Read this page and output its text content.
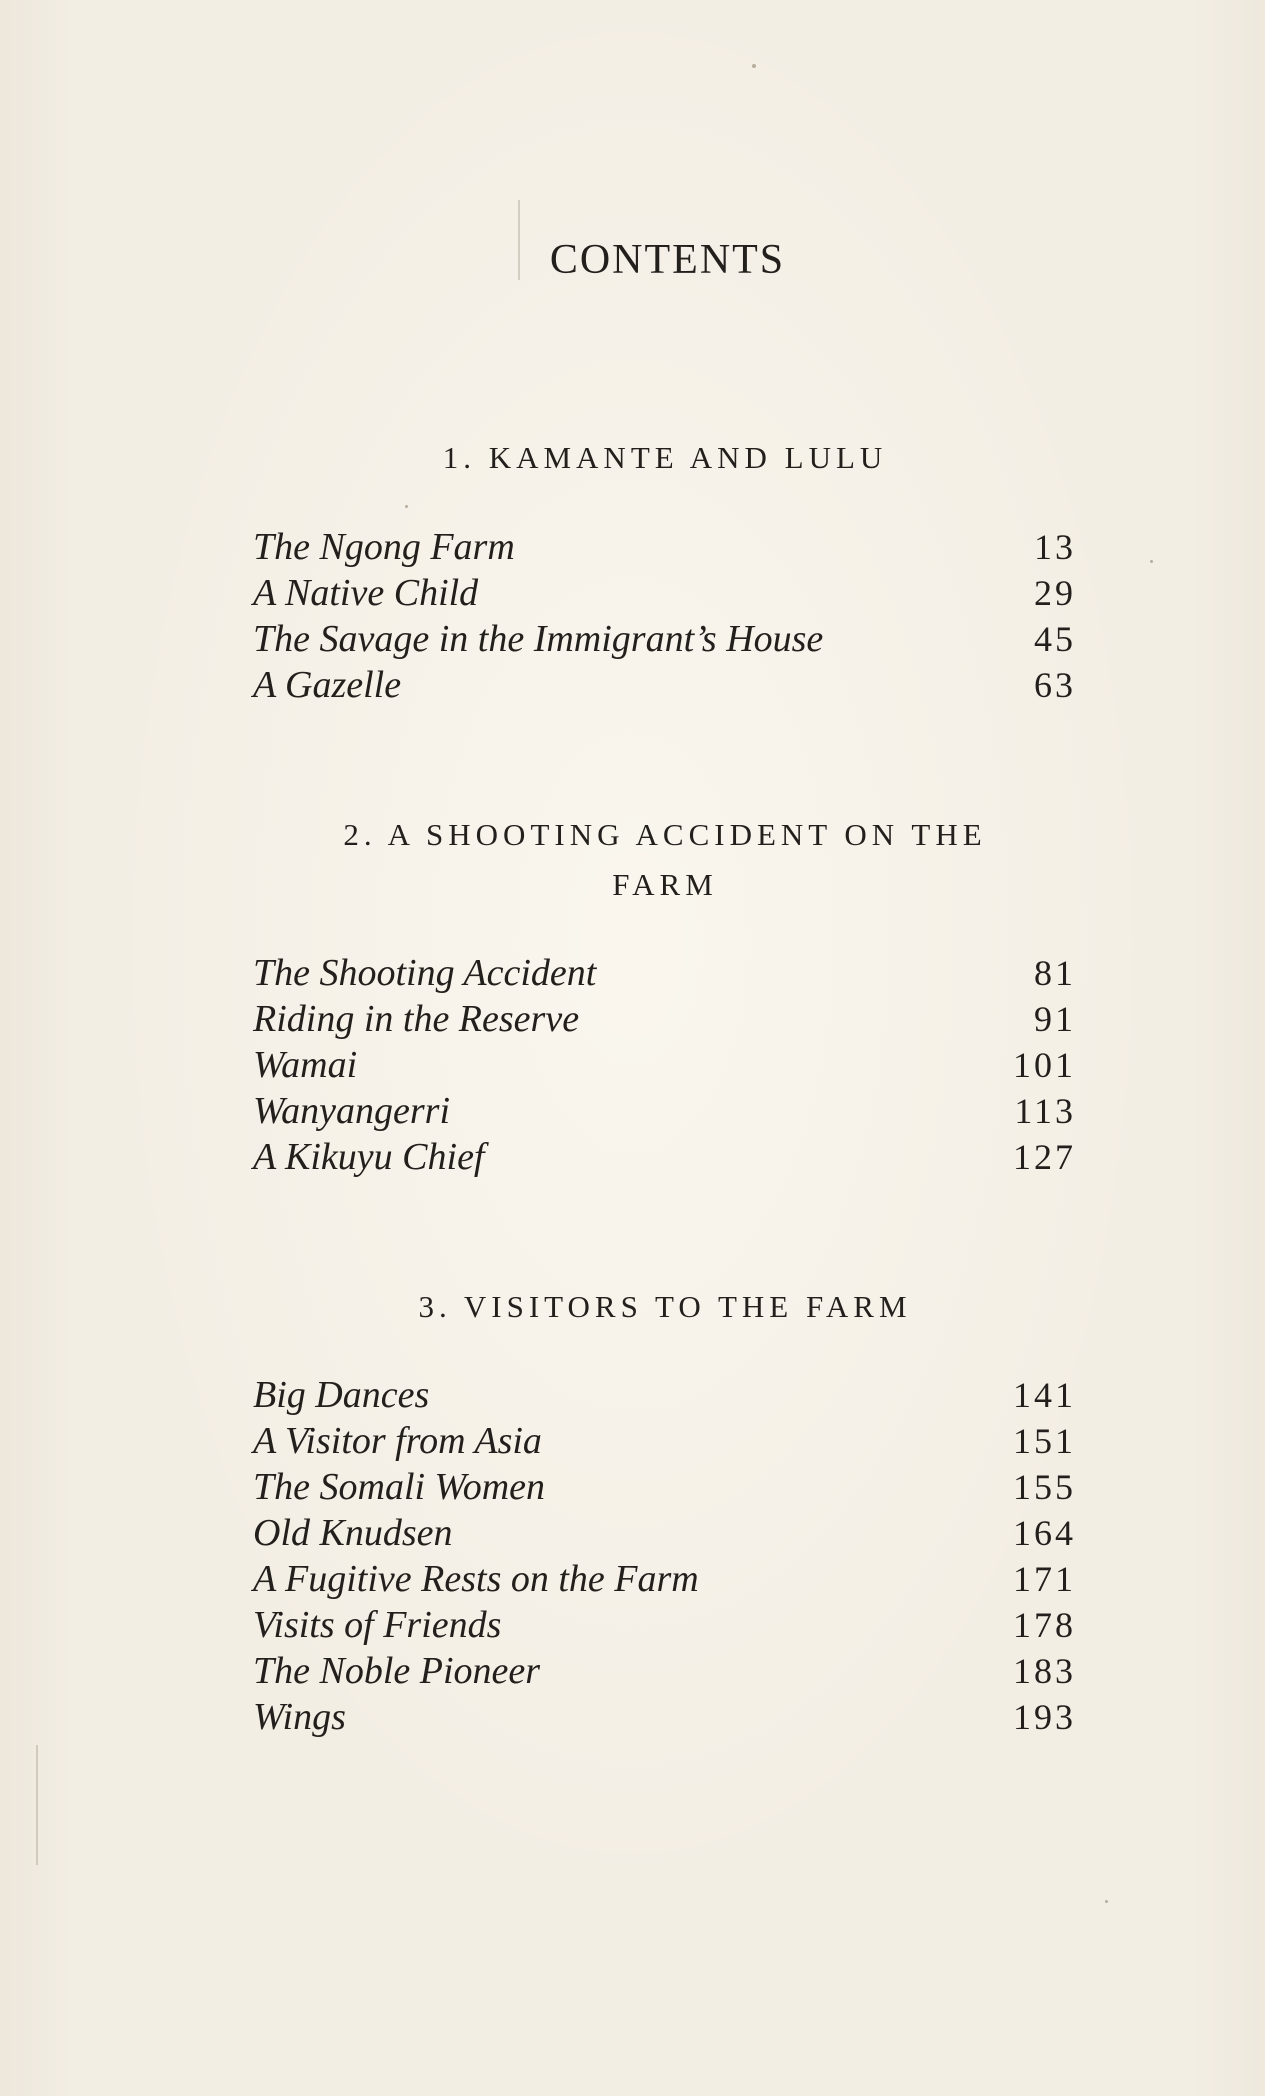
CONTENTS
1. KAMANTE AND LULU
The Ngong Farm	13
A Native Child	29
The Savage in the Immigrant’s House	45
A Gazelle	63
2. A SHOOTING ACCIDENT ON THE
FARM
The Shooting Accident	81
Riding in the Reserve	91
Wamai	101
Wanyangerri	113
A Kikuyu Chief	127
3. VISITORS TO THE FARM
Big Dances	141
A Visitor from Asia	151
The Somali Women	155
Old Knudsen	164
A Fugitive Rests on the Farm	171
Visits of Friends	178
The Noble Pioneer	183
Wings	193
